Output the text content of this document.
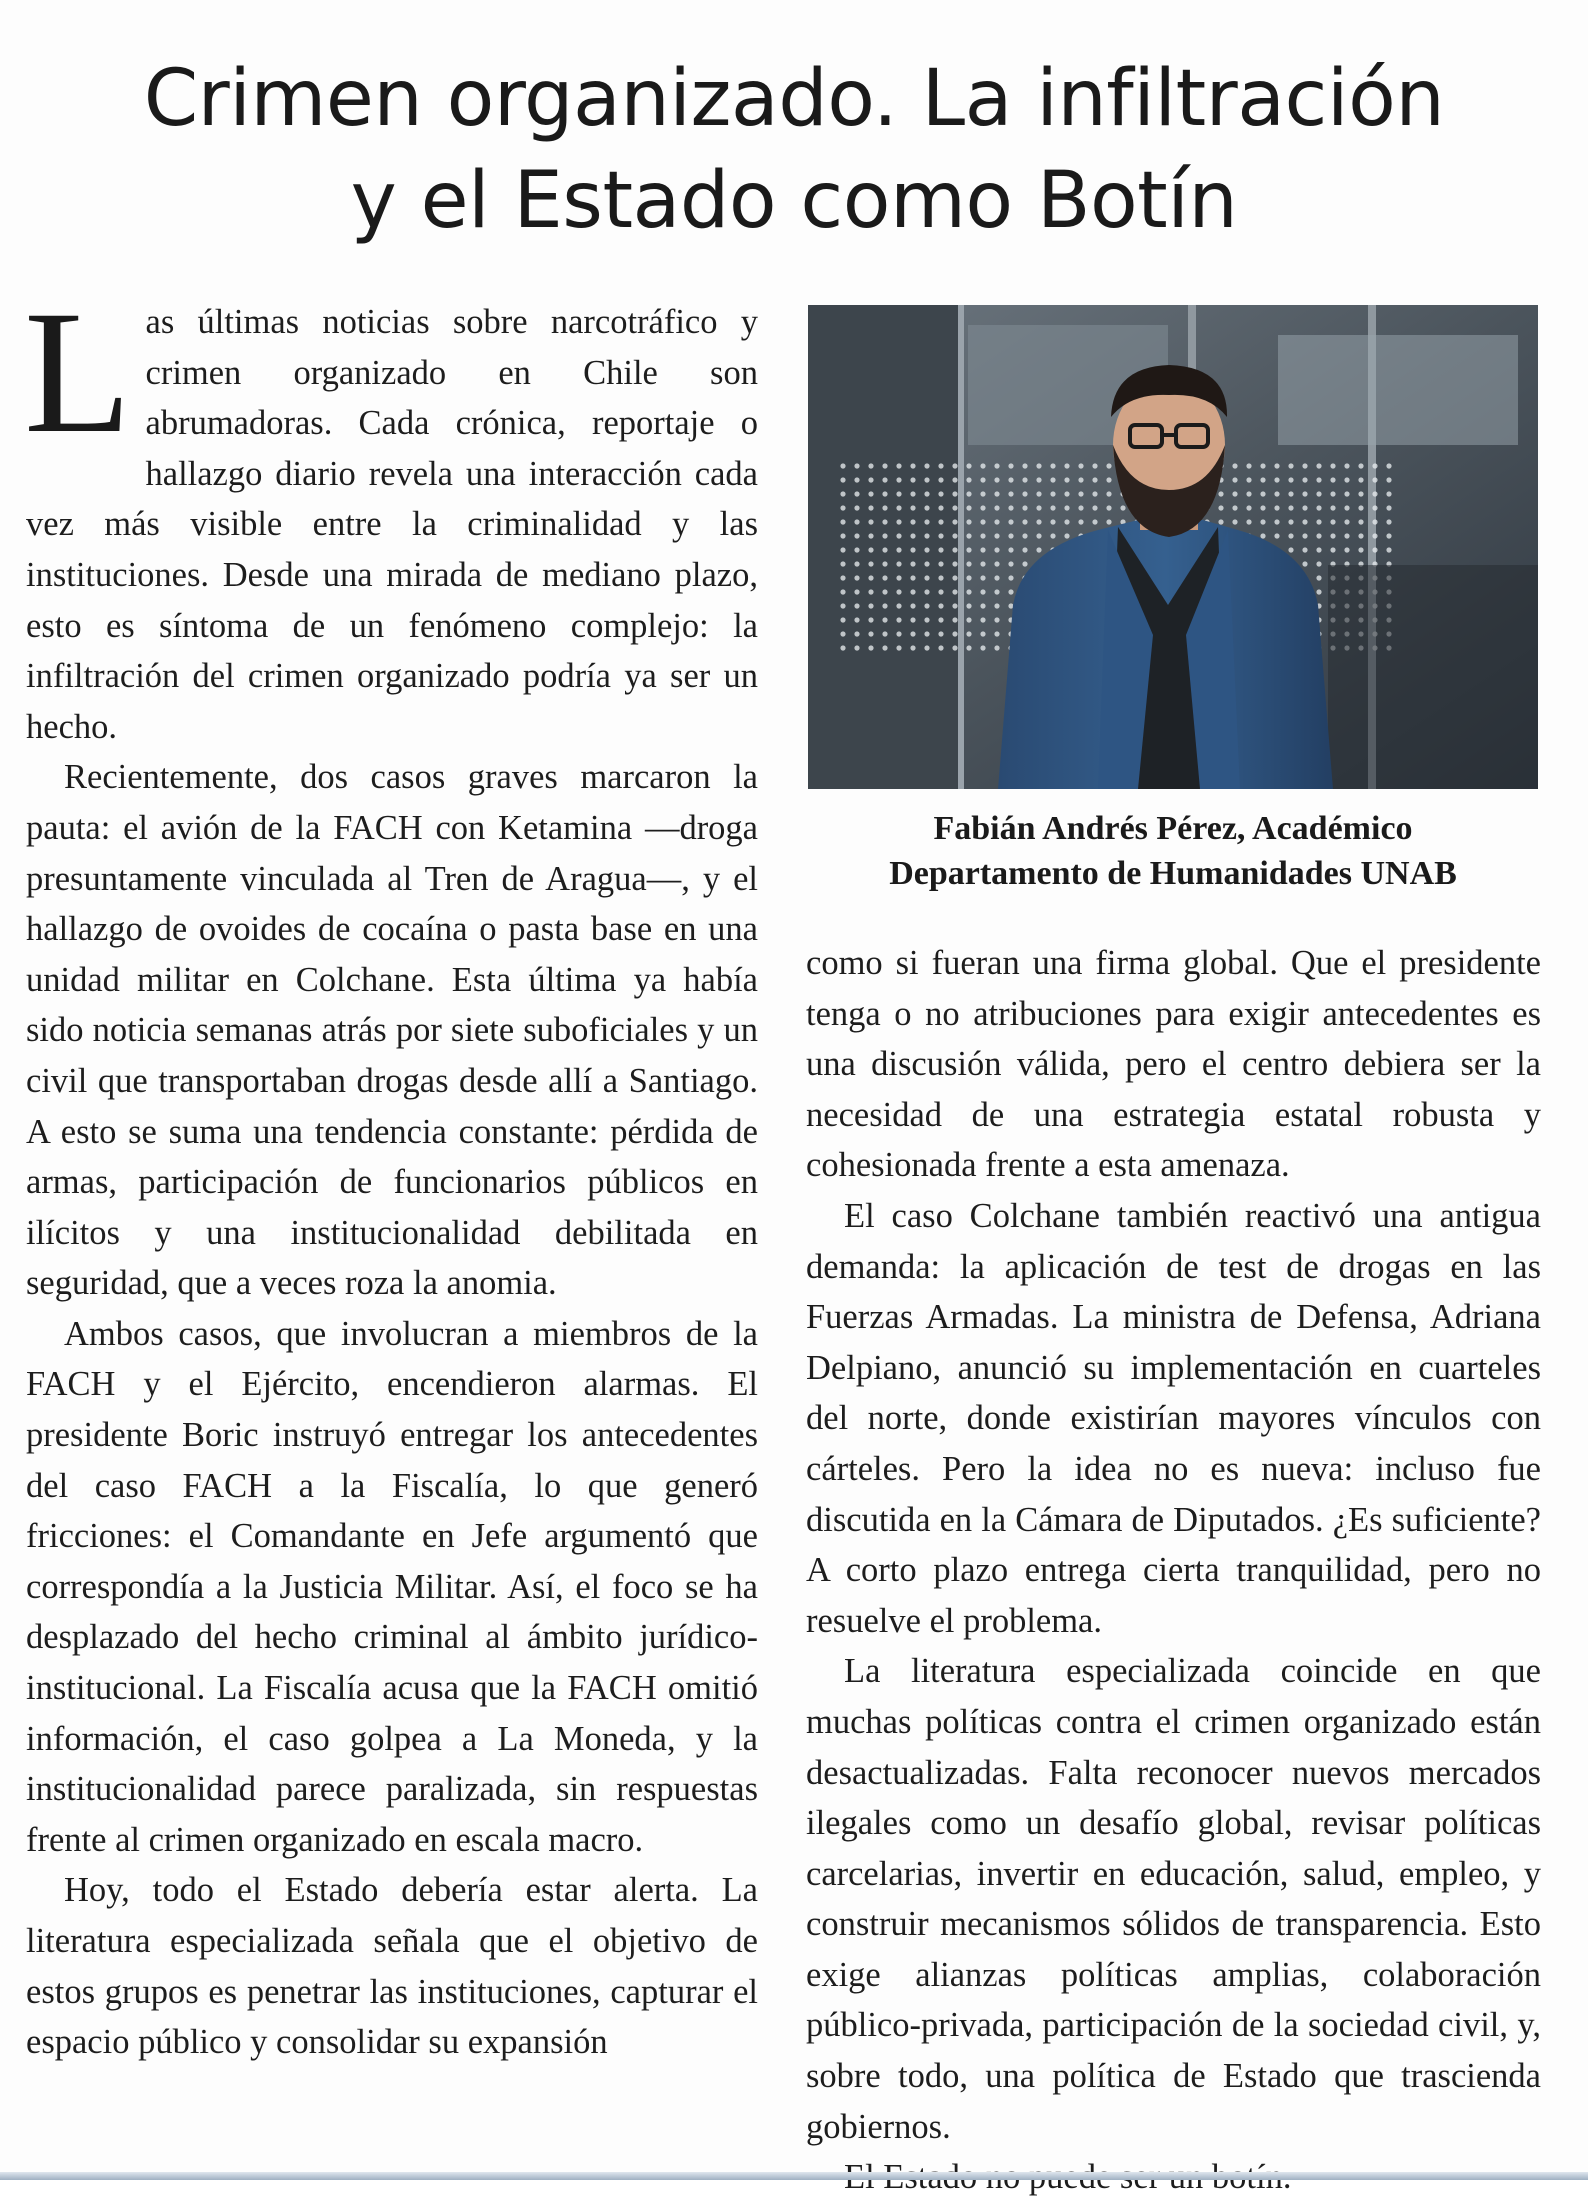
Crimen organizado. La infiltración
y el Estado como Botín

Las últimas noticias sobre narcotráfico y crimen organizado en Chile son abrumadoras. Cada crónica, reportaje o hallazgo diario revela una interacción cada vez más visible entre la criminalidad y las instituciones. Desde una mirada de mediano plazo, esto es síntoma de un fenómeno complejo: la infiltración del crimen organizado podría ya ser un hecho.

Recientemente, dos casos graves marcaron la pauta: el avión de la FACH con Ketamina —droga presuntamente vinculada al Tren de Aragua—, y el hallazgo de ovoides de cocaína o pasta base en una unidad militar en Colchane. Esta última ya había sido noticia semanas atrás por siete suboficiales y un civil que transportaban drogas desde allí a Santiago. A esto se suma una tendencia constante: pérdida de armas, participación de funcionarios públicos en ilícitos y una institucionalidad debilitada en seguridad, que a veces roza la anomia.

Ambos casos, que involucran a miembros de la FACH y el Ejército, encendieron alarmas. El presidente Boric instruyó entregar los antecedentes del caso FACH a la Fiscalía, lo que generó fricciones: el Comandante en Jefe argumentó que correspondía a la Justicia Militar. Así, el foco se ha desplazado del hecho criminal al ámbito jurídico-institucional. La Fiscalía acusa que la FACH omitió información, el caso golpea a La Moneda, y la institucionalidad parece paralizada, sin respuestas frente al crimen organizado en escala macro.

Hoy, todo el Estado debería estar alerta. La literatura especializada señala que el objetivo de estos grupos es penetrar las instituciones, capturar el espacio público y consolidar su expansión

Fabián Andrés Pérez, Académico
Departamento de Humanidades UNAB

como si fueran una firma global. Que el presidente tenga o no atribuciones para exigir antecedentes es una discusión válida, pero el centro debiera ser la necesidad de una estrategia estatal robusta y cohesionada frente a esta amenaza.

El caso Colchane también reactivó una antigua demanda: la aplicación de test de drogas en las Fuerzas Armadas. La ministra de Defensa, Adriana Delpiano, anunció su implementación en cuarteles del norte, donde existirían mayores vínculos con cárteles. Pero la idea no es nueva: incluso fue discutida en la Cámara de Diputados. ¿Es suficiente? A corto plazo entrega cierta tranquilidad, pero no resuelve el problema.

La literatura especializada coincide en que muchas políticas contra el crimen organizado están desactualizadas. Falta reconocer nuevos mercados ilegales como un desafío global, revisar políticas carcelarias, invertir en educación, salud, empleo, y construir mecanismos sólidos de transparencia. Esto exige alianzas políticas amplias, colaboración público-privada, participación de la sociedad civil, y, sobre todo, una política de Estado que trascienda gobiernos.
